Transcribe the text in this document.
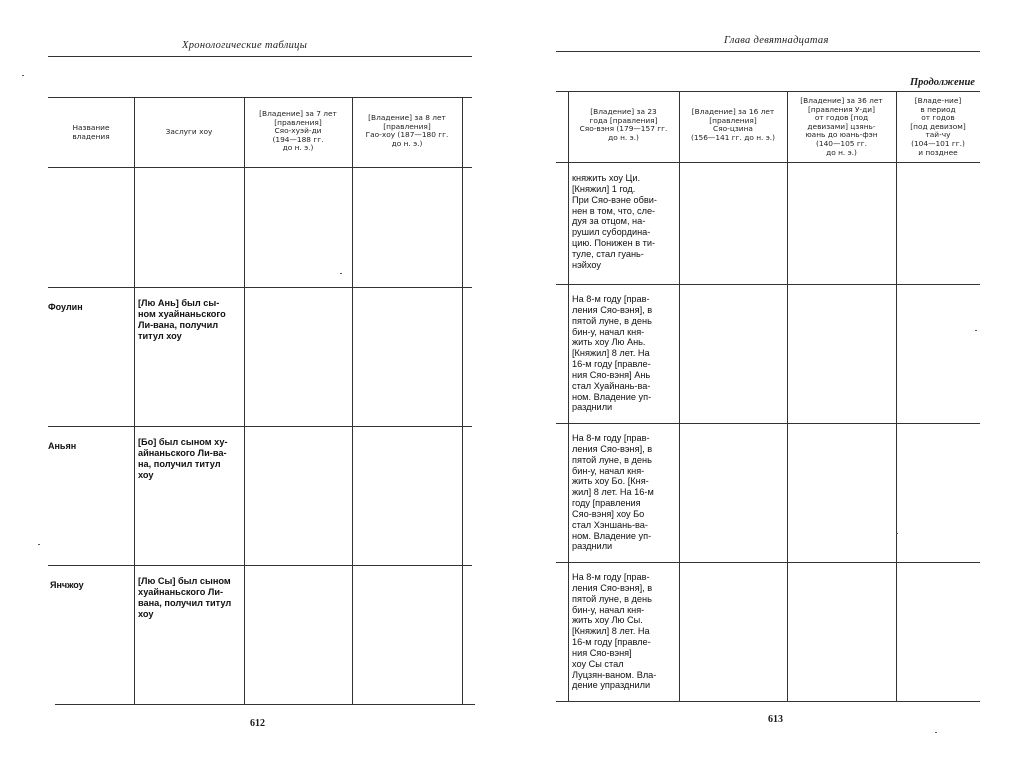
Хронологические таблицы
Название
владения
Заслуги хоу
[Владение] за 7 лет
[правления]
Сяо-хуэй-ди
(194—188 гг.
до н. э.)
[Владение] за 8 лет
[правления]
Гао-хоу (187—180 гг.
до н. э.)
Фоулин	[Лю Ань] был сы-
ном хуайнаньского
Ли-вана, получил
титул хоу
Аньян	[Бо] был сыном ху-
айнаньского Ли-ва-
на, получил титул
хоу
Янчжоу	[Лю Сы] был сыном
хуайнаньского Ли-
вана, получил титул
хоу
612
Глава девятнадцатая
Продолжение
[Владение] за 23
года [правления]
Сяо-вэня (179—157 гг.
до н. э.)
[Владение] за 16 лет
[правления]
Сяо-цзина
(156—141 гг. до н. э.)
[Владение] за 36 лет
[правления У-ди]
от годов [под
девизами] цзянь-
юань до юань-фэн
(140—105 гг.
до н. э.)
[Владе-ние]
в период
от годов
[под девизом]
тай-чу
(104—101 гг.)
и позднее
княжить хоу Ци.
[Княжил] 1 год.
При Сяо-вэне обви-
нен в том, что, сле-
дуя за отцом, на-
рушил субордина-
цию. Понижен в ти-
туле, стал гуань-
нэйхоу
На 8-м году [прав-
ления Сяо-вэня], в
пятой луне, в день
бин-у, начал кня-
жить хоу Лю Ань.
[Княжил] 8 лет. На
16-м году [правле-
ния Сяо-вэня] Ань
стал Хуайнань-ва-
ном. Владение уп-
разднили
На 8-м году [прав-
ления Сяо-вэня], в
пятой луне, в день
бин-у, начал кня-
жить хоу Бо. [Кня-
жил] 8 лет. На 16-м
году [правления
Сяо-вэня] хоу Бо
стал Хэншань-ва-
ном. Владение уп-
разднили
На 8-м году [прав-
ления Сяо-вэня], в
пятой луне, в день
бин-у, начал кня-
жить хоу Лю Сы.
[Княжил] 8 лет. На
16-м году [правле-
ния Сяо-вэня]
хоу Сы стал
Луцзян-ваном. Вла-
дение упразднили
613
